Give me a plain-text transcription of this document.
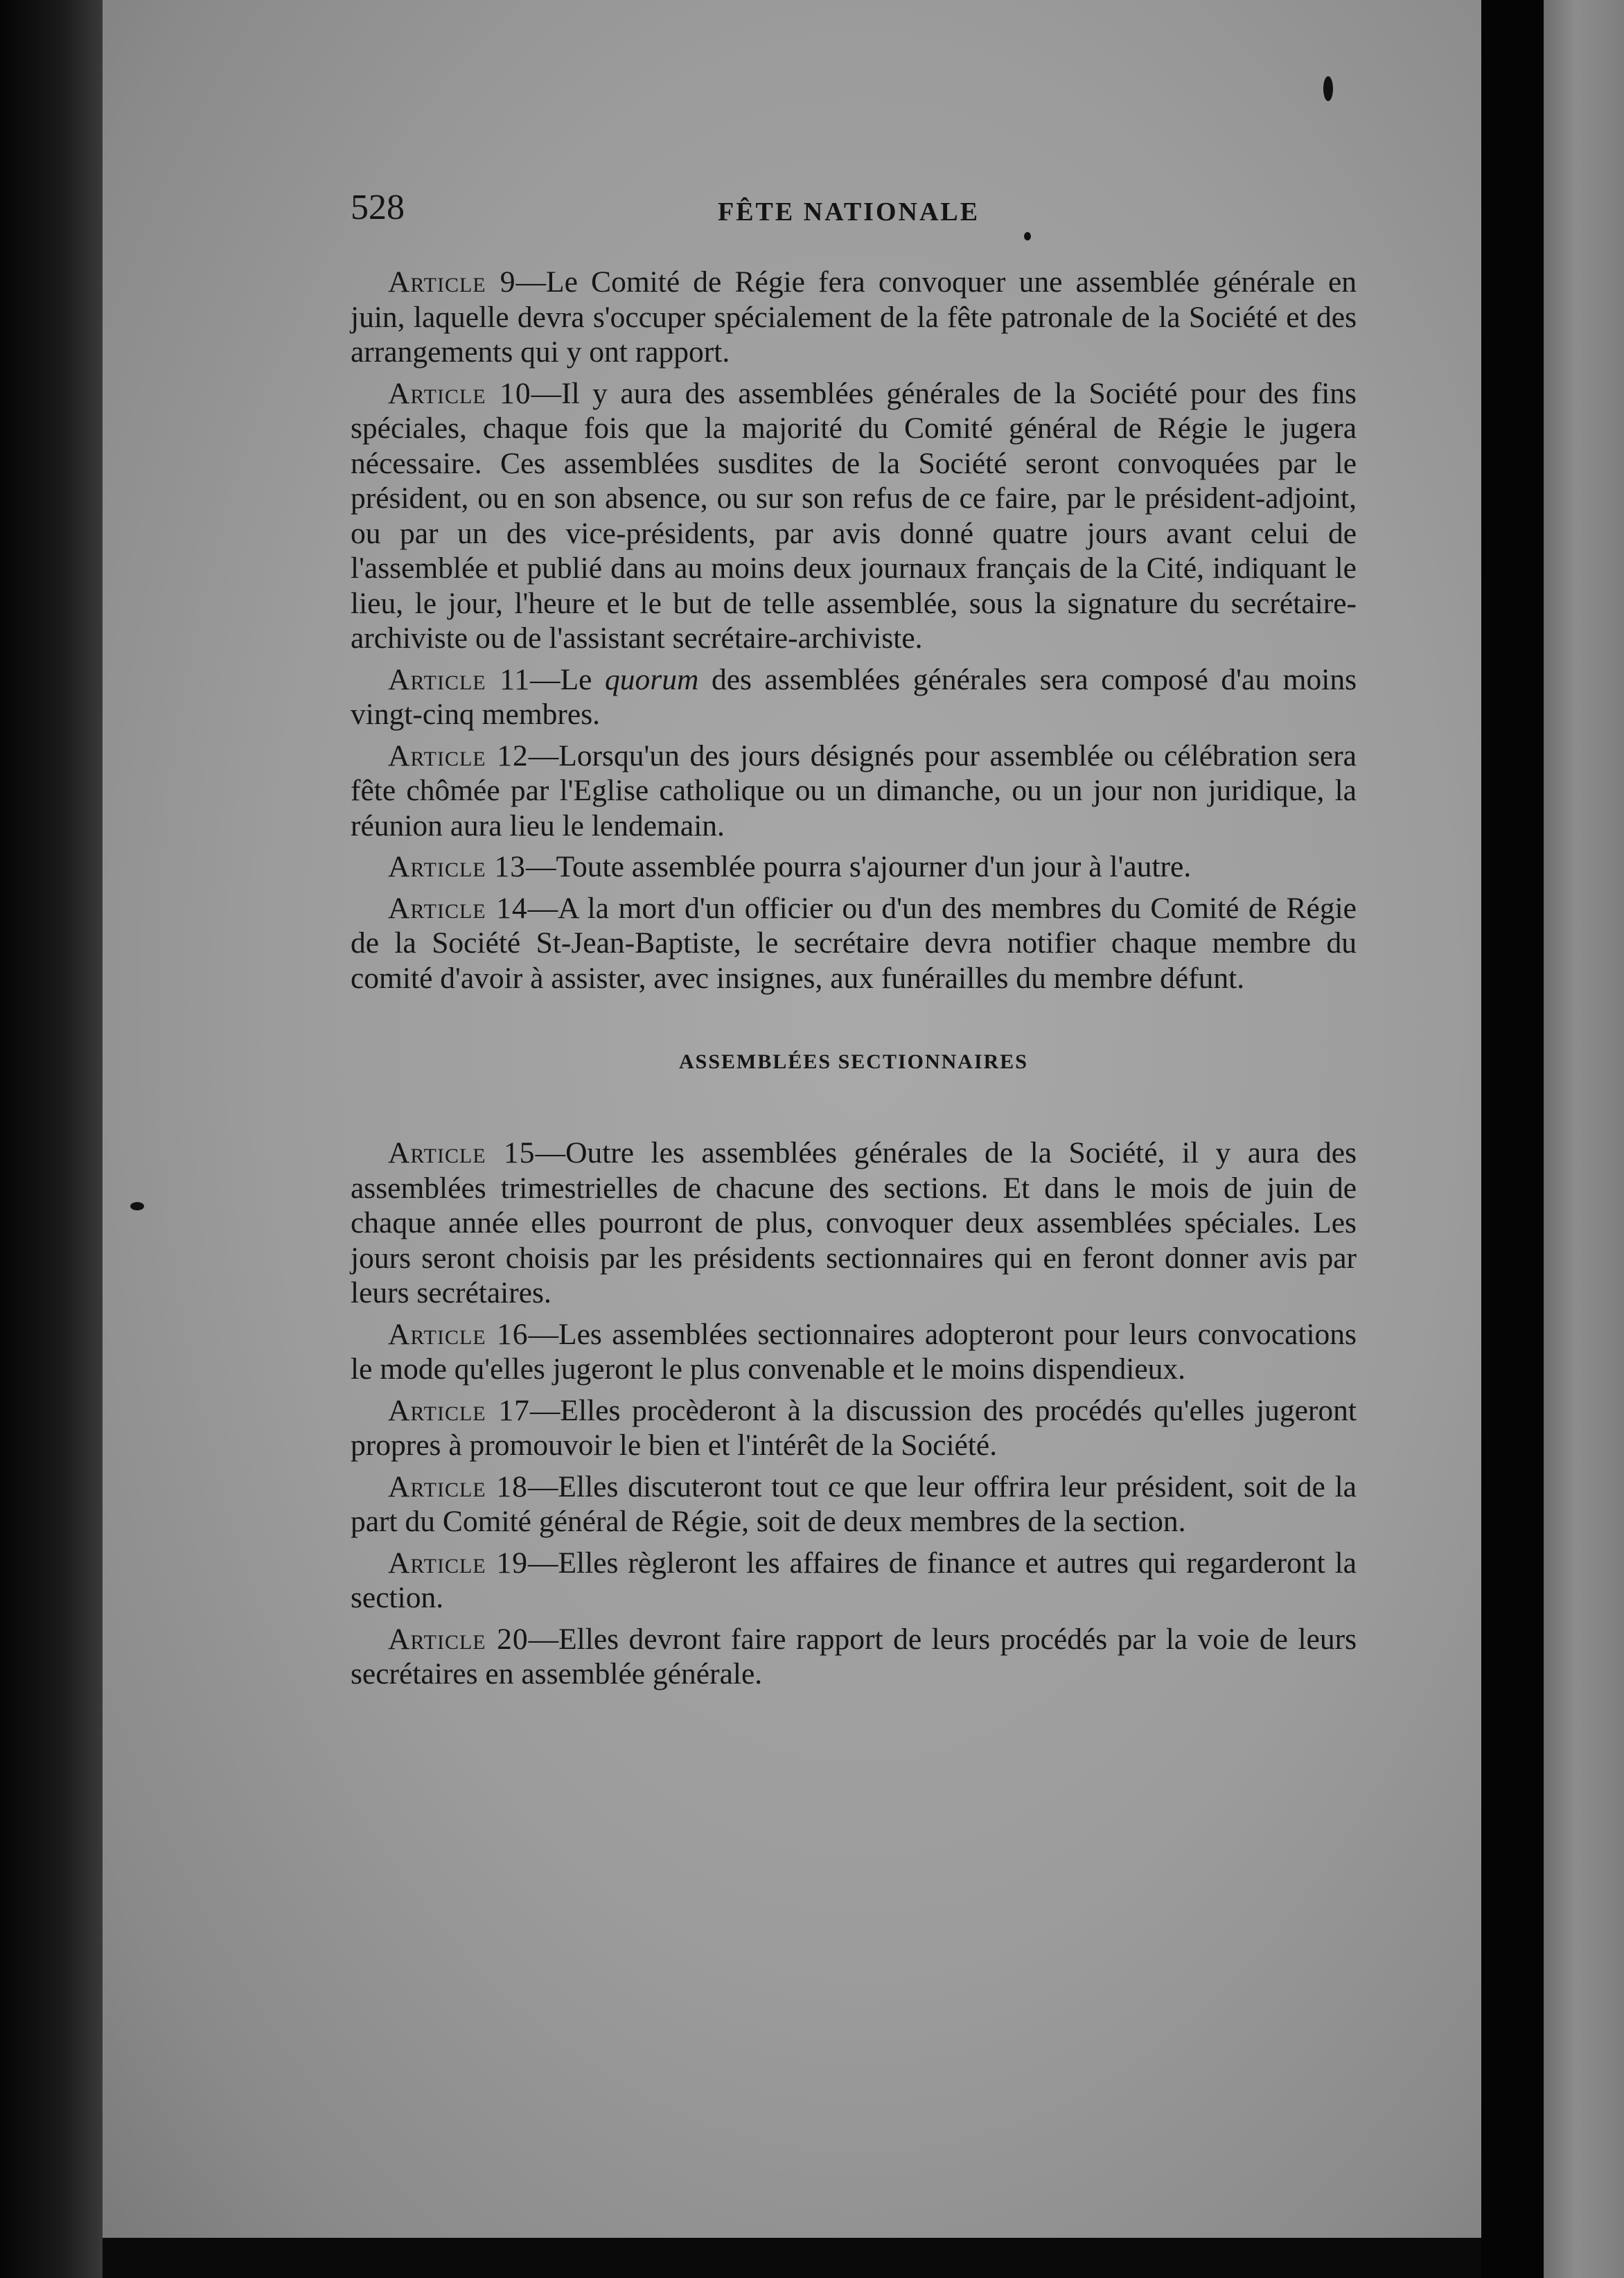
528	FÊTE NATIONALE

Article 9—Le Comité de Régie fera convoquer une assemblée générale en juin, laquelle devra s'occuper spécialement de la fête patronale de la Société et des arrangements qui y ont rapport.

Article 10—Il y aura des assemblées générales de la Société pour des fins spéciales, chaque fois que la majorité du Comité général de Régie le jugera nécessaire. Ces assemblées susdites de la Société seront convoquées par le président, ou en son absence, ou sur son refus de ce faire, par le président-adjoint, ou par un des vice-présidents, par avis donné quatre jours avant celui de l'assemblée et publié dans au moins deux journaux français de la Cité, indiquant le lieu, le jour, l'heure et le but de telle assemblée, sous la signature du secrétaire-archiviste ou de l'assistant secrétaire-archiviste.

Article 11—Le quorum des assemblées générales sera composé d'au moins vingt-cinq membres.

Article 12—Lorsqu'un des jours désignés pour assemblée ou célébration sera fête chômée par l'Eglise catholique ou un dimanche, ou un jour non juridique, la réunion aura lieu le lendemain.

Article 13—Toute assemblée pourra s'ajourner d'un jour à l'autre.

Article 14—A la mort d'un officier ou d'un des membres du Comité de Régie de la Société St-Jean-Baptiste, le secrétaire devra notifier chaque membre du comité d'avoir à assister, avec insignes, aux funérailles du membre défunt.

ASSEMBLÉES SECTIONNAIRES

Article 15—Outre les assemblées générales de la Société, il y aura des assemblées trimestrielles de chacune des sections. Et dans le mois de juin de chaque année elles pourront de plus, convoquer deux assemblées spéciales. Les jours seront choisis par les présidents sectionnaires qui en feront donner avis par leurs secrétaires.

Article 16—Les assemblées sectionnaires adopteront pour leurs convocations le mode qu'elles jugeront le plus convenable et le moins dispendieux.

Article 17—Elles procèderont à la discussion des procédés qu'elles jugeront propres à promouvoir le bien et l'intérêt de la Société.

Article 18—Elles discuteront tout ce que leur offrira leur président, soit de la part du Comité général de Régie, soit de deux membres de la section.

Article 19—Elles règleront les affaires de finance et autres qui regarderont la section.

Article 20—Elles devront faire rapport de leurs procédés par la voie de leurs secrétaires en assemblée générale.
